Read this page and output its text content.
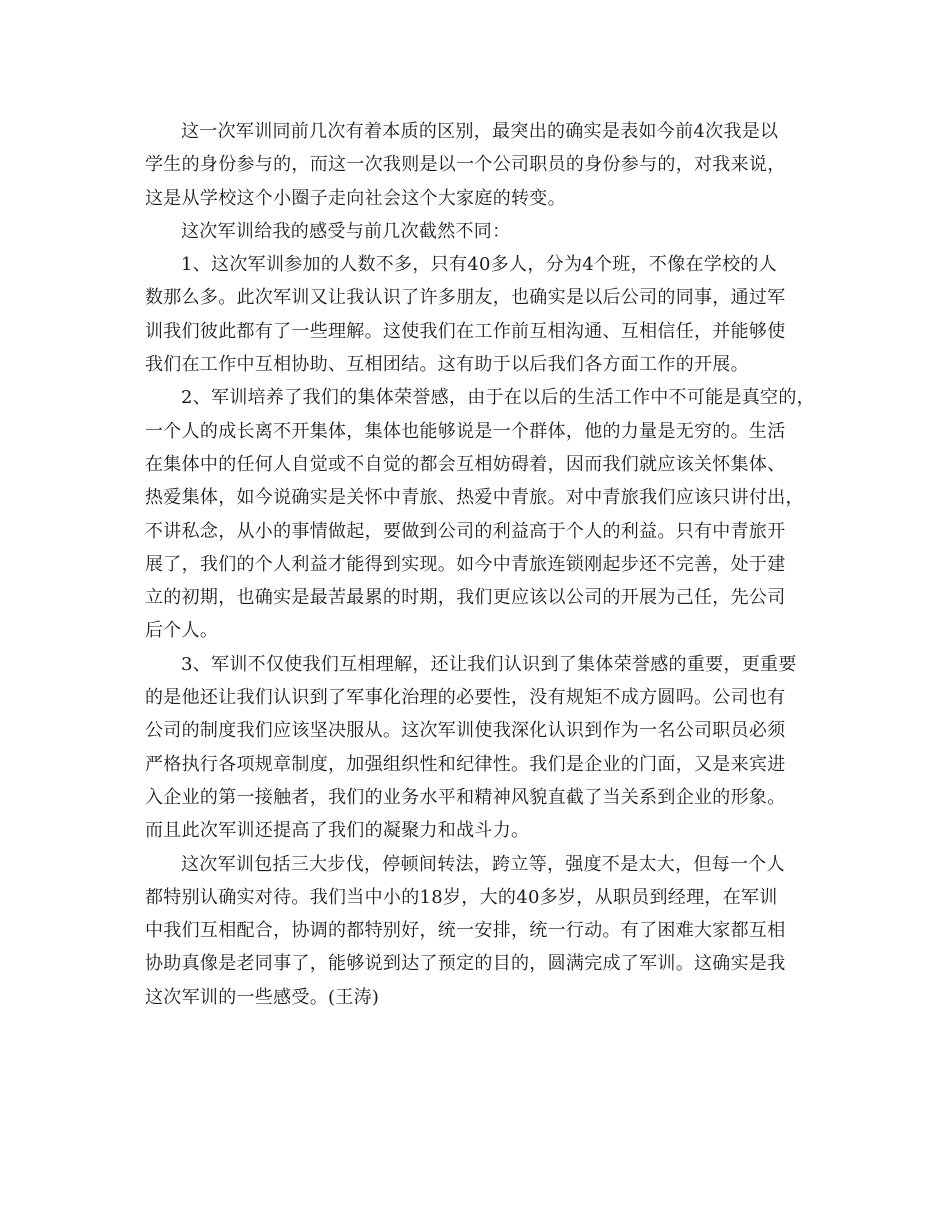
这一次军训同前几次有着本质的区别，最突出的确实是表如今前4次我是以
学生的身份参与的，而这一次我则是以一个公司职员的身份参与的，对我来说，
这是从学校这个小圈子走向社会这个大家庭的转变。
这次军训给我的感受与前几次截然不同：
1、这次军训参加的人数不多，只有40多人，分为4个班，不像在学校的人
数那么多。此次军训又让我认识了许多朋友，也确实是以后公司的同事，通过军
训我们彼此都有了一些理解。这使我们在工作前互相沟通、互相信任，并能够使
我们在工作中互相协助、互相团结。这有助于以后我们各方面工作的开展。
2、军训培养了我们的集体荣誉感，由于在以后的生活工作中不可能是真空的，
一个人的成长离不开集体，集体也能够说是一个群体，他的力量是无穷的。生活
在集体中的任何人自觉或不自觉的都会互相妨碍着，因而我们就应该关怀集体、
热爱集体，如今说确实是关怀中青旅、热爱中青旅。对中青旅我们应该只讲付出，
不讲私念，从小的事情做起，要做到公司的利益高于个人的利益。只有中青旅开
展了，我们的个人利益才能得到实现。如今中青旅连锁刚起步还不完善，处于建
立的初期，也确实是最苦最累的时期，我们更应该以公司的开展为己任，先公司
后个人。
3、军训不仅使我们互相理解，还让我们认识到了集体荣誉感的重要，更重要
的是他还让我们认识到了军事化治理的必要性，没有规矩不成方圆吗。公司也有
公司的制度我们应该坚决服从。这次军训使我深化认识到作为一名公司职员必须
严格执行各项规章制度，加强组织性和纪律性。我们是企业的门面，又是来宾进
入企业的第一接触者，我们的业务水平和精神风貌直截了当关系到企业的形象。
而且此次军训还提高了我们的凝聚力和战斗力。
这次军训包括三大步伐，停顿间转法，跨立等，强度不是太大，但每一个人
都特别认确实对待。我们当中小的18岁，大的40多岁，从职员到经理，在军训
中我们互相配合，协调的都特别好，统一安排，统一行动。有了困难大家都互相
协助真像是老同事了，能够说到达了预定的目的，圆满完成了军训。这确实是我
这次军训的一些感受。(王涛)
